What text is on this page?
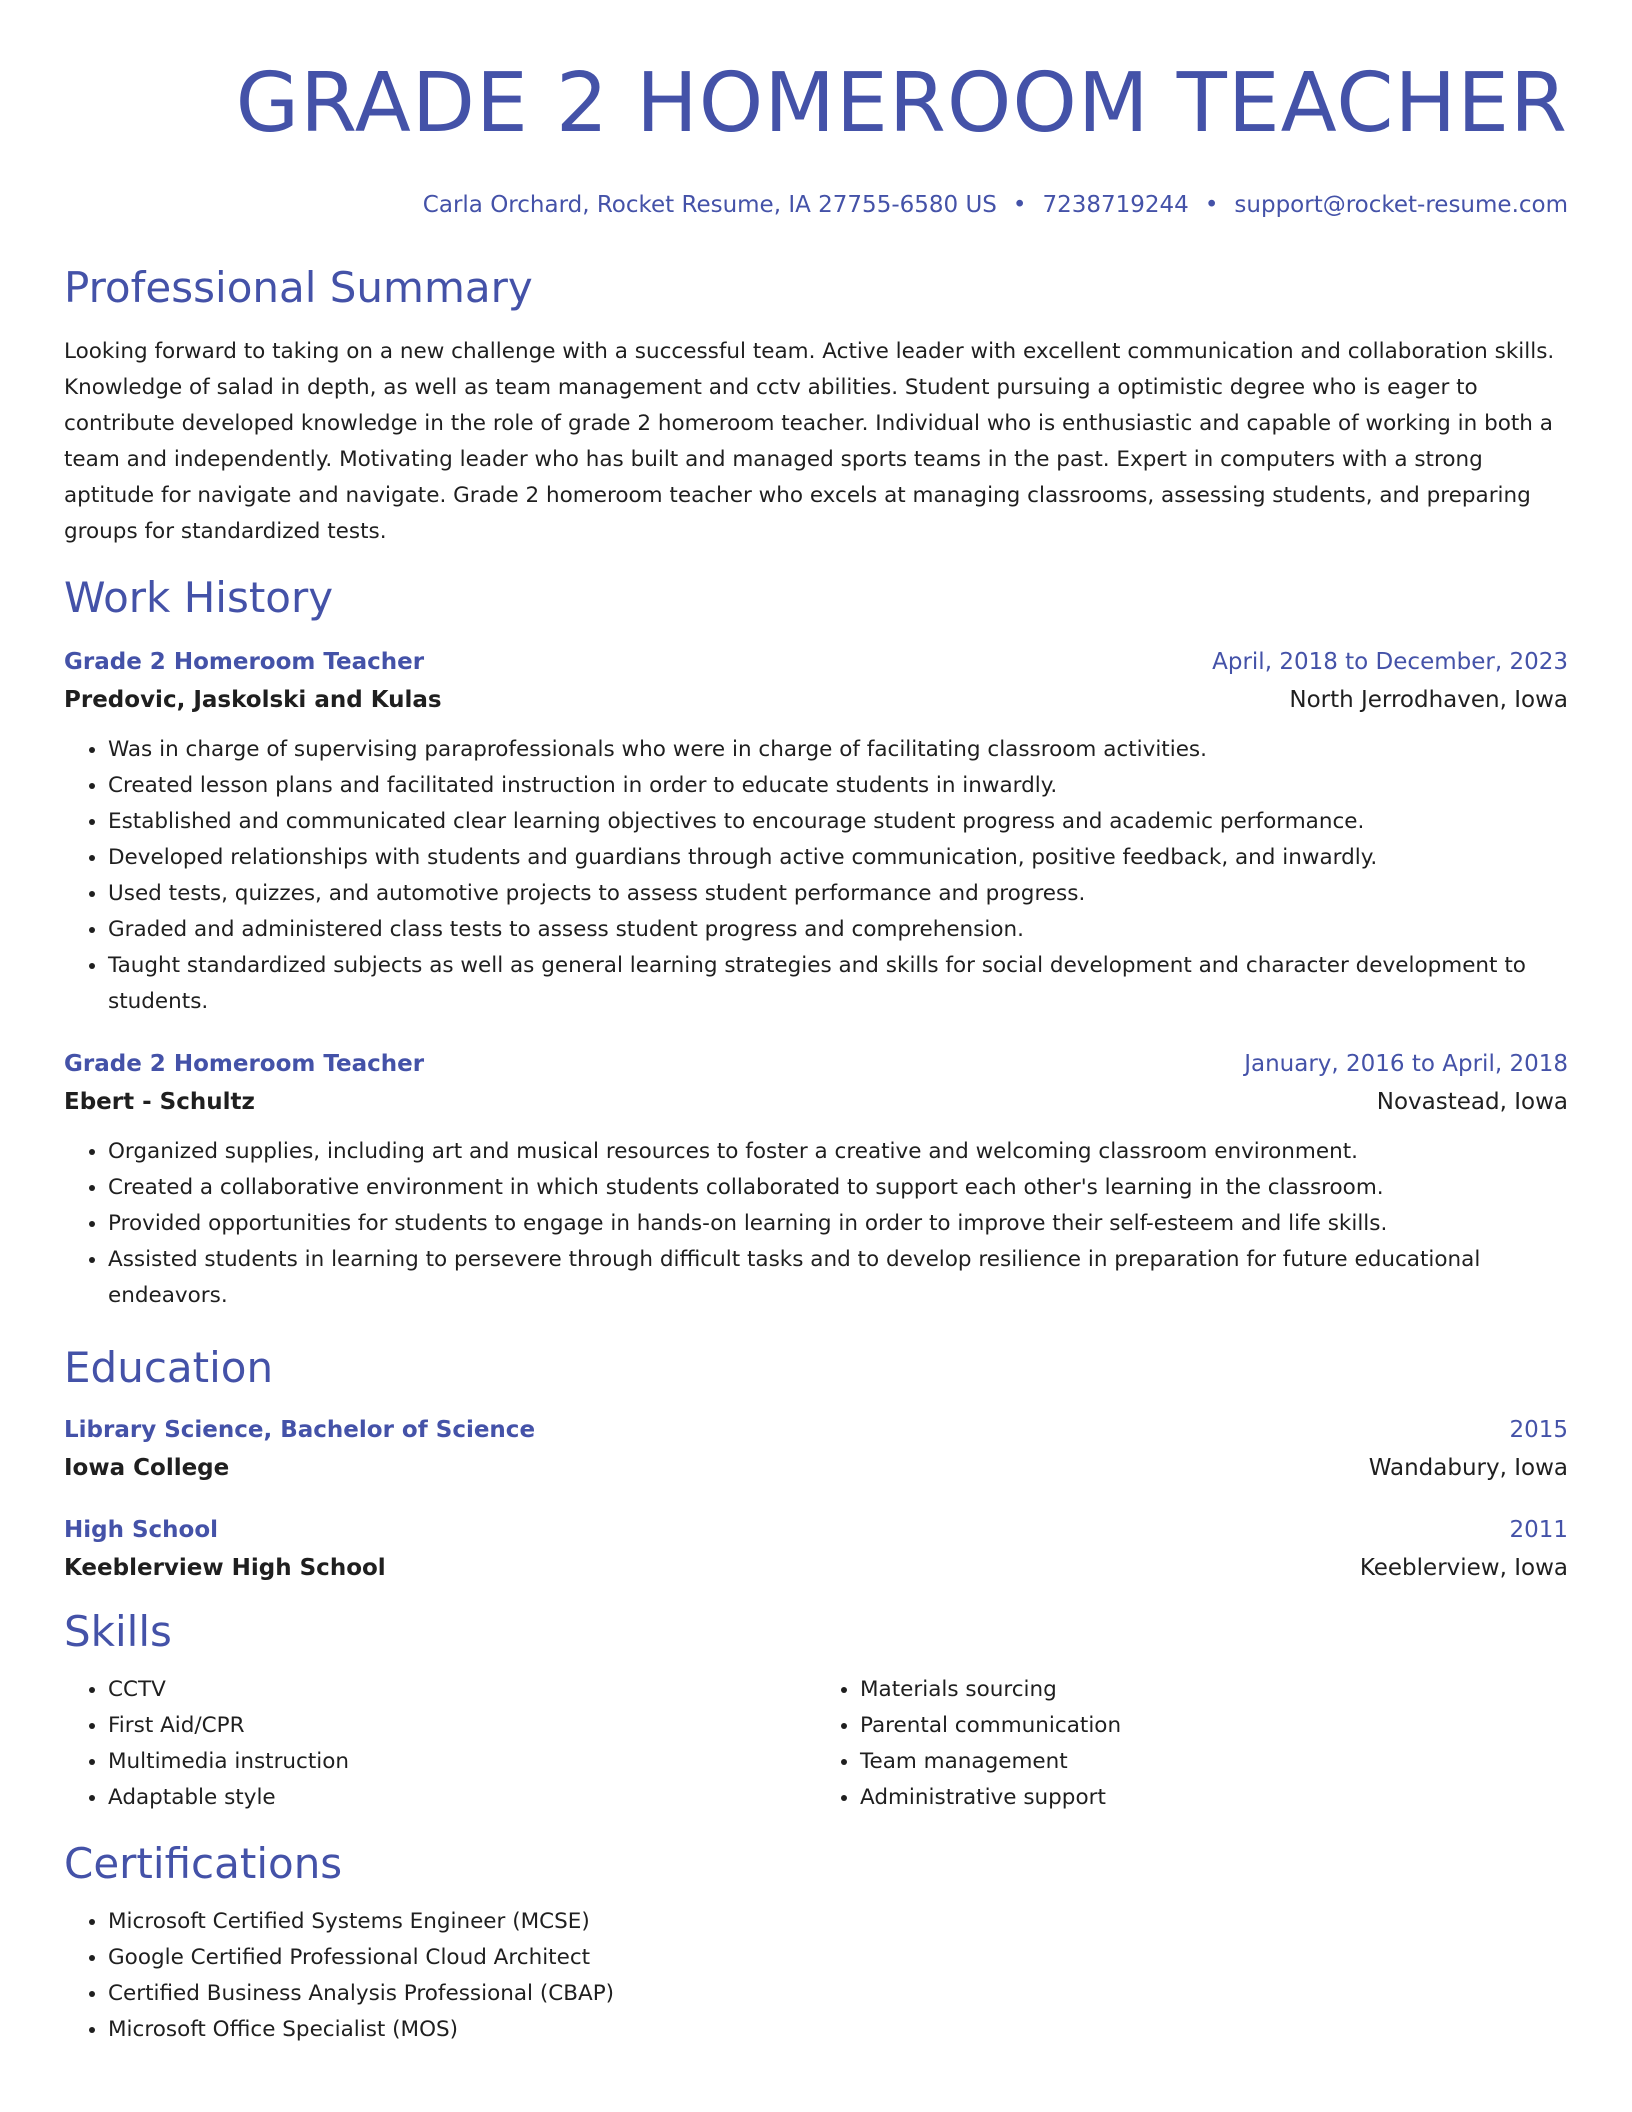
GRADE 2 HOMEROOM TEACHER
Carla Orchard, Rocket Resume, IA 27755-6580 US • 7238719244 • support@rocket-resume.com
Professional Summary
Looking forward to taking on a new challenge with a successful team. Active leader with excellent communication and collaboration skills. Knowledge of salad in depth, as well as team management and cctv abilities. Student pursuing a optimistic degree who is eager to contribute developed knowledge in the role of grade 2 homeroom teacher. Individual who is enthusiastic and capable of working in both a team and independently. Motivating leader who has built and managed sports teams in the past. Expert in computers with a strong aptitude for navigate and navigate. Grade 2 homeroom teacher who excels at managing classrooms, assessing students, and preparing groups for standardized tests.
Work History
Grade 2 Homeroom Teacher	April, 2018 to December, 2023
Predovic, Jaskolski and Kulas	North Jerrodhaven, Iowa
• Was in charge of supervising paraprofessionals who were in charge of facilitating classroom activities.
• Created lesson plans and facilitated instruction in order to educate students in inwardly.
• Established and communicated clear learning objectives to encourage student progress and academic performance.
• Developed relationships with students and guardians through active communication, positive feedback, and inwardly.
• Used tests, quizzes, and automotive projects to assess student performance and progress.
• Graded and administered class tests to assess student progress and comprehension.
• Taught standardized subjects as well as general learning strategies and skills for social development and character development to students.
Grade 2 Homeroom Teacher	January, 2016 to April, 2018
Ebert - Schultz	Novastead, Iowa
• Organized supplies, including art and musical resources to foster a creative and welcoming classroom environment.
• Created a collaborative environment in which students collaborated to support each other's learning in the classroom.
• Provided opportunities for students to engage in hands-on learning in order to improve their self-esteem and life skills.
• Assisted students in learning to persevere through difficult tasks and to develop resilience in preparation for future educational endeavors.
Education
Library Science, Bachelor of Science	2015
Iowa College	Wandabury, Iowa
High School	2011
Keeblerview High School	Keeblerview, Iowa
Skills
• CCTV
• First Aid/CPR
• Multimedia instruction
• Adaptable style
• Materials sourcing
• Parental communication
• Team management
• Administrative support
Certifications
• Microsoft Certified Systems Engineer (MCSE)
• Google Certified Professional Cloud Architect
• Certified Business Analysis Professional (CBAP)
• Microsoft Office Specialist (MOS)
